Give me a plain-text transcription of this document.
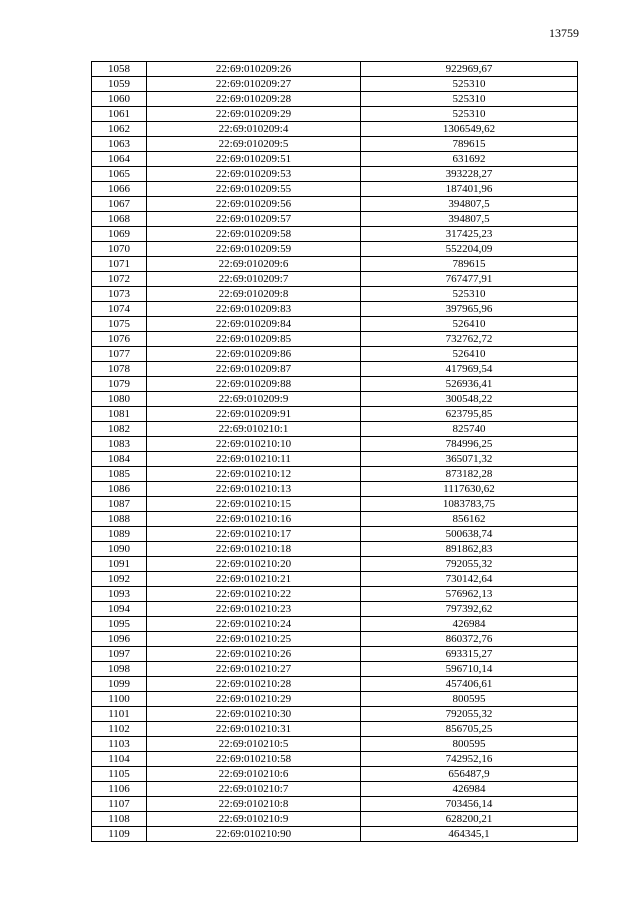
13759
1058	22:69:010209:26	922969,67
1059	22:69:010209:27	525310
1060	22:69:010209:28	525310
1061	22:69:010209:29	525310
1062	22:69:010209:4	1306549,62
1063	22:69:010209:5	789615
1064	22:69:010209:51	631692
1065	22:69:010209:53	393228,27
1066	22:69:010209:55	187401,96
1067	22:69:010209:56	394807,5
1068	22:69:010209:57	394807,5
1069	22:69:010209:58	317425,23
1070	22:69:010209:59	552204,09
1071	22:69:010209:6	789615
1072	22:69:010209:7	767477,91
1073	22:69:010209:8	525310
1074	22:69:010209:83	397965,96
1075	22:69:010209:84	526410
1076	22:69:010209:85	732762,72
1077	22:69:010209:86	526410
1078	22:69:010209:87	417969,54
1079	22:69:010209:88	526936,41
1080	22:69:010209:9	300548,22
1081	22:69:010209:91	623795,85
1082	22:69:010210:1	825740
1083	22:69:010210:10	784996,25
1084	22:69:010210:11	365071,32
1085	22:69:010210:12	873182,28
1086	22:69:010210:13	1117630,62
1087	22:69:010210:15	1083783,75
1088	22:69:010210:16	856162
1089	22:69:010210:17	500638,74
1090	22:69:010210:18	891862,83
1091	22:69:010210:20	792055,32
1092	22:69:010210:21	730142,64
1093	22:69:010210:22	576962,13
1094	22:69:010210:23	797392,62
1095	22:69:010210:24	426984
1096	22:69:010210:25	860372,76
1097	22:69:010210:26	693315,27
1098	22:69:010210:27	596710,14
1099	22:69:010210:28	457406,61
1100	22:69:010210:29	800595
1101	22:69:010210:30	792055,32
1102	22:69:010210:31	856705,25
1103	22:69:010210:5	800595
1104	22:69:010210:58	742952,16
1105	22:69:010210:6	656487,9
1106	22:69:010210:7	426984
1107	22:69:010210:8	703456,14
1108	22:69:010210:9	628200,21
1109	22:69:010210:90	464345,1
